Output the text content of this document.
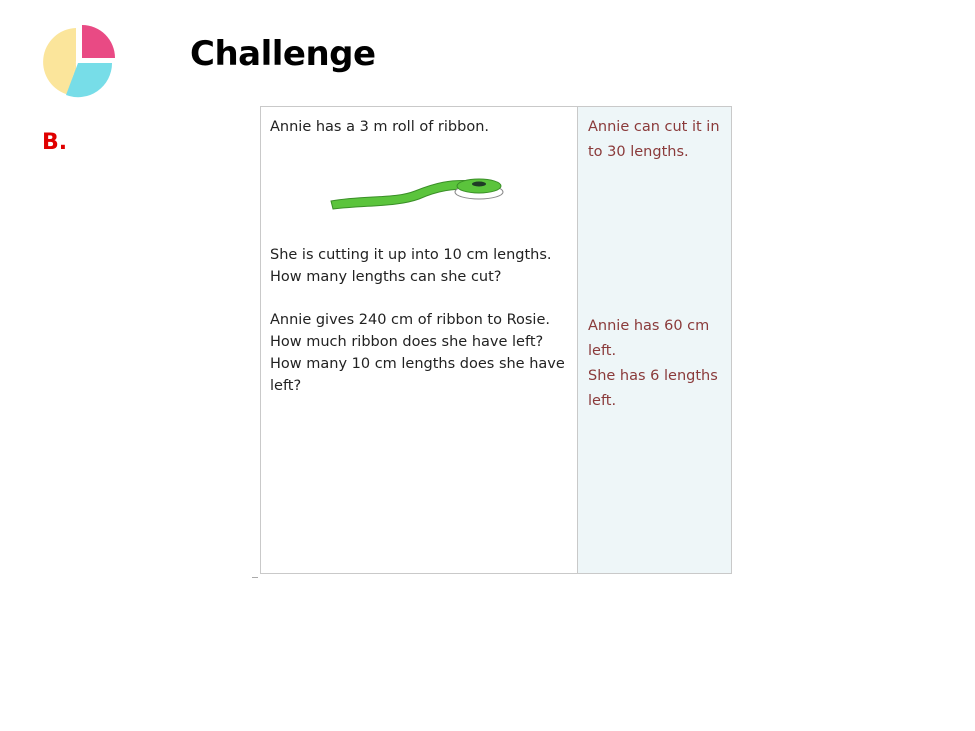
Challenge
B.
Annie has a 3 m roll of ribbon.
She is cutting it up into 10 cm lengths.
How many lengths can she cut?
Annie gives 240 cm of ribbon to Rosie.
How much ribbon does she have left?
How many 10 cm lengths does she have
left?
Annie can cut it in
to 30 lengths.
Annie has 60 cm
left.
She has 6 lengths
left.
